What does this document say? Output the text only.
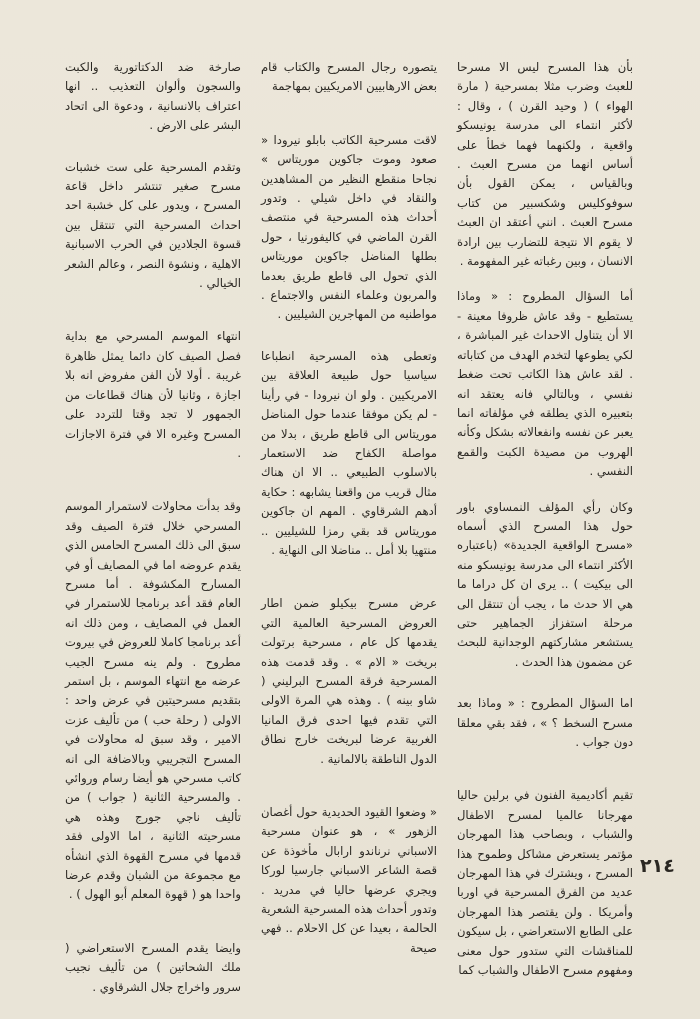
بأن هذا المسرح ليس الا مسرحا للعبث وضرب مثلا بمسرحية ( مارة الهواء ) ( وحيد القرن ) ، وقال : لأكثر انتماء الى مدرسة يونيسكو واقعية ، ولكنهما فهما خطأ على أساس انهما من مسرح العبث . وبالقياس ، يمكن القول بأن سوفوكليس وشكسبير من كتاب مسرح العبث . انني أعتقد ان العبث لا يقوم الا نتيجة للتضارب بين ارادة الانسان ، وبين رغباته غير المفهومة .

أما السؤال المطروح : « وماذا يستطيع - وقد عاش ظروفا معينة - الا أن يتناول الاحداث غير المباشرة ، لكي يطوعها لتخدم الهدف من كتاباته . لقد عاش هذا الكاتب تحت ضغط نفسي ، وبالتالي فانه يعتقد انه بتعبيره الذي يطلقه في مؤلفاته انما يعبر عن نفسه وانفعالاته بشكل وكأنه الهروب من مصيدة الكبت والقمع النفسي .

وكان رأي المؤلف النمساوي باور حول هذا المسرح الذي أسماه «مسرح الواقعية الجديدة» (باعتباره الأكثر انتماء الى مدرسة يونيسكو منه الى بيكيت ) .. يرى ان كل دراما ما هي الا حدث ما ، يجب أن تنتقل الى مرحلة استفزاز الجماهير حتى يستشعر مشاركتهم الوجدانية للبحث عن مضمون هذا الحدث .

اما السؤال المطروح : « وماذا بعد مسرح السخط ؟ » ، فقد بقي معلقا دون جواب .

تقيم أكاديمية الفنون في برلين حاليا مهرجانا عالميا لمسرح الاطفال والشباب ، وبصاحب هذا المهرجان مؤتمر يستعرض مشاكل وطموح هذا المسرح ، ويشترك في هذا المهرجان عديد من الفرق المسرحية في اوربا وأمريكا . ولن يقتصر هذا المهرجان على الطابع الاستعراضي ، بل سيكون للمناقشات التي ستدور حول معنى ومفهوم مسرح الاطفال والشباب كما

يتصوره رجال المسرح والكتاب قام بعض الارهابيين الامريكيين بمهاجمة

لاقت مسرحية الكاتب بابلو نيرودا « صعود وموت جاكوين موريتاس » نجاحا منقطع النظير من المشاهدين والنقاد في داخل شيلي . وتدور أحداث هذه المسرحية في منتصف القرن الماضي في كاليفورنيا ، حول بطلها المناضل جاكوين موريتاس الذي تحول الى قاطع طريق بعدما والمربون وعلماء النفس والاجتماع . مواطنيه من المهاجرين الشيليين .

وتعطى هذه المسرحية انطباعا سياسيا حول طبيعة العلاقة بين الامريكيين . ولو ان نيرودا - في رأينا - لم يكن موفقا عندما حول المناضل موريتاس الى قاطع طريق ، بدلا من مواصلة الكفاح ضد الاستعمار بالاسلوب الطبيعي .. الا ان هناك مثال قريب من واقعنا يشابهه : حكاية أدهم الشرقاوي . المهم ان جاكوين موريتاس قد بقي رمزا للشيليين .. منتهيا بلا أمل .. مناضلا الى النهاية .

عرض مسرح بيكيلو ضمن اطار العروض المسرحية العالمية التي يقدمها كل عام ، مسرحية برتولت بريخت « الام » . وقد قدمت هذه المسرحية فرقة المسرح البرليني ( شاو بينه ) . وهذه هي المرة الاولى التي تقدم فيها احدى فرق المانيا الغربية عرضا لبريخت خارج نطاق الدول الناطقة بالالمانية .

« وضعوا القيود الحديدية حول أغصان الزهور » ، هو عنوان مسرحية الاسباني نرناندو ارابال مأخوذة عن قصة الشاعر الاسباني جارسيا لوركا ويجري عرضها حاليا في مدريد . وتدور أحداث هذه المسرحية الشعرية الحالمة ، بعيدا عن كل الاحلام .. فهي صيحة

صارخة ضد الدكتاتورية والكبت والسجون وألوان التعذيب .. انها اعتراف بالانسانية ، ودعوة الى اتحاد البشر على الارض .

وتقدم المسرحية على ست خشبات مسرح صغير تنتشر داخل قاعة المسرح ، ويدور على كل خشبة احد احداث المسرحية التي تنتقل بين قسوة الجلادين في الحرب الاسبانية الاهلية ، ونشوة النصر ، وعالم الشعر الخيالي .

انتهاء الموسم المسرحي مع بداية فصل الصيف كان دائما يمثل ظاهرة غريبة . أولا لأن الفن مفروض انه بلا اجازة ، وثانيا لأن هناك قطاعات من الجمهور لا تجد وقتا للتردد على المسرح وغيره الا في فترة الاجازات .

وقد بدأت محاولات لاستمرار الموسم المسرحي خلال فترة الصيف وقد سبق الى ذلك المسرح الحامس الذي يقدم عروضه اما في المصايف أو في المسارح المكشوفة . أما مسرح العام فقد أعد برنامجا للاستمرار في العمل في المصايف ، ومن ذلك انه أعد برنامجا كاملا للعروض في بيروت مطروح . ولم ينه مسرح الجيب عرضه مع انتهاء الموسم ، بل استمر بتقديم مسرحيتين في عرض واحد : الاولى ( رحلة حب ) من تأليف عزت الامير ، وقد سبق له محاولات في المسرح التجريبي وبالاضافة الى انه كاتب مسرحي هو أيضا رسام وروائي . والمسرحية الثانية ( جواب ) من تأليف ناجي جورج وهذه هي مسرحيته الثانية ، اما الاولى فقد قدمها في مسرح القهوة الذي انشأه مع مجموعة من الشبان وقدم عرضا واحدا هو ( قهوة المعلم أبو الهول ) .

وايضا يقدم المسرح الاستعراضي ( ملك الشحاتين ) من تأليف نجيب سرور واخراج جلال الشرقاوي .

٢١٤
